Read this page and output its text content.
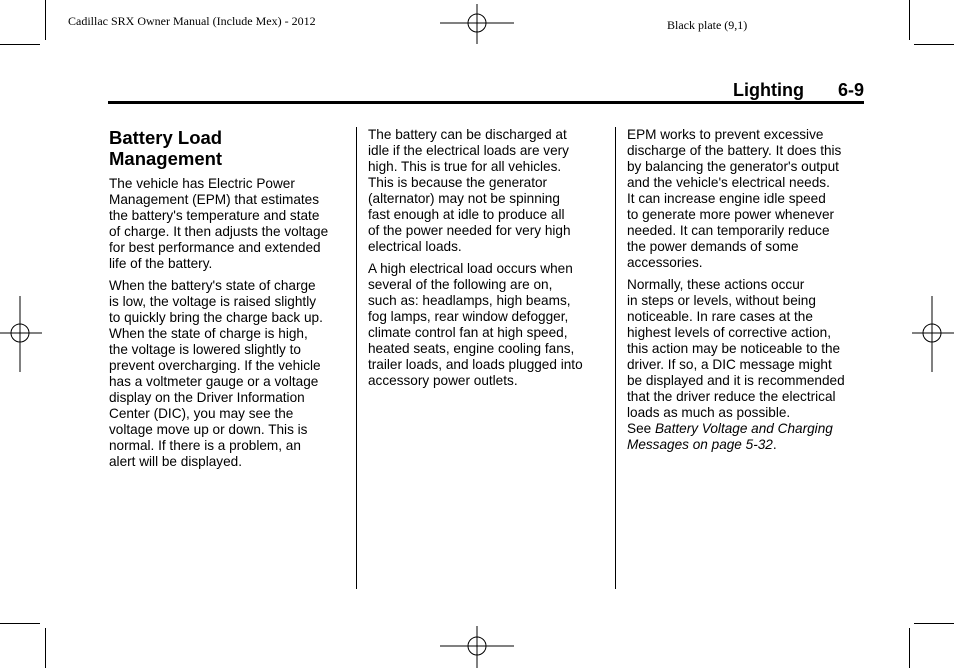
Cadillac SRX Owner Manual (Include Mex) - 2012	Black plate (9,1)
Lighting 6-9
Battery Load
Management

The vehicle has Electric Power
Management (EPM) that estimates
the battery's temperature and state
of charge. It then adjusts the voltage
for best performance and extended
life of the battery.

When the battery's state of charge
is low, the voltage is raised slightly
to quickly bring the charge back up.
When the state of charge is high,
the voltage is lowered slightly to
prevent overcharging. If the vehicle
has a voltmeter gauge or a voltage
display on the Driver Information
Center (DIC), you may see the
voltage move up or down. This is
normal. If there is a problem, an
alert will be displayed.

The battery can be discharged at
idle if the electrical loads are very
high. This is true for all vehicles.
This is because the generator
(alternator) may not be spinning
fast enough at idle to produce all
of the power needed for very high
electrical loads.

A high electrical load occurs when
several of the following are on,
such as: headlamps, high beams,
fog lamps, rear window defogger,
climate control fan at high speed,
heated seats, engine cooling fans,
trailer loads, and loads plugged into
accessory power outlets.

EPM works to prevent excessive
discharge of the battery. It does this
by balancing the generator's output
and the vehicle's electrical needs.
It can increase engine idle speed
to generate more power whenever
needed. It can temporarily reduce
the power demands of some
accessories.

Normally, these actions occur
in steps or levels, without being
noticeable. In rare cases at the
highest levels of corrective action,
this action may be noticeable to the
driver. If so, a DIC message might
be displayed and it is recommended
that the driver reduce the electrical
loads as much as possible.
See Battery Voltage and Charging
Messages on page 5-32.
